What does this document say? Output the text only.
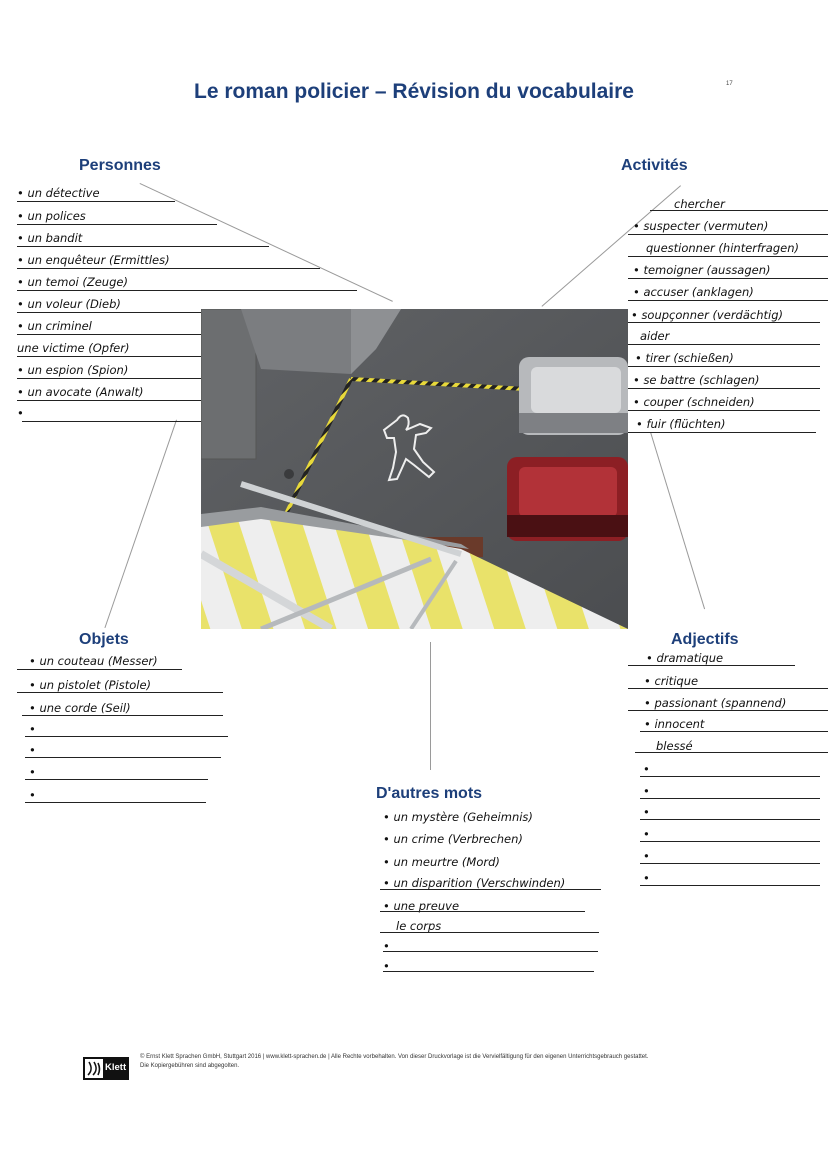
Le roman policier – Révision du vocabulaire	17
Personnes	Activités
Objets	Adjectifs
D'autres mots
• un détective
• un polices
• un bandit
• un enquêteur (Ermittles)
• un temoi (Zeuge)
• un voleur (Dieb)
• un criminel
une victime (Opfer)
• un espion (Spion)
• un avocate (Anwalt)
•
chercher
• suspecter (vermuten)
questionner (hinterfragen)
• temoigner (aussagen)
• accuser (anklagen)
• soupçonner (verdächtig)
aider
• tirer (schießen)
• se battre (schlagen)
• couper (schneiden)
• fuir (flüchten)
• un couteau (Messer)
• un pistolet (Pistole)
• une corde (Seil)
•
•
•
•
• dramatique
• critique
• passionant (spannend)
• innocent
blessé
•
•
•
•
•
•
• un mystère (Geheimnis)
• un crime (Verbrechen)
• un meurtre (Mord)
• un disparition (Verschwinden)
• une preuve
le corps
•
•
Klett
© Ernst Klett Sprachen GmbH, Stuttgart 2016 | www.klett-sprachen.de | Alle Rechte vorbehalten. Von dieser Druckvorlage ist die Vervielfältigung für den eigenen Unterrichtsgebrauch gestattet.
Die Kopiergebühren sind abgegolten.
